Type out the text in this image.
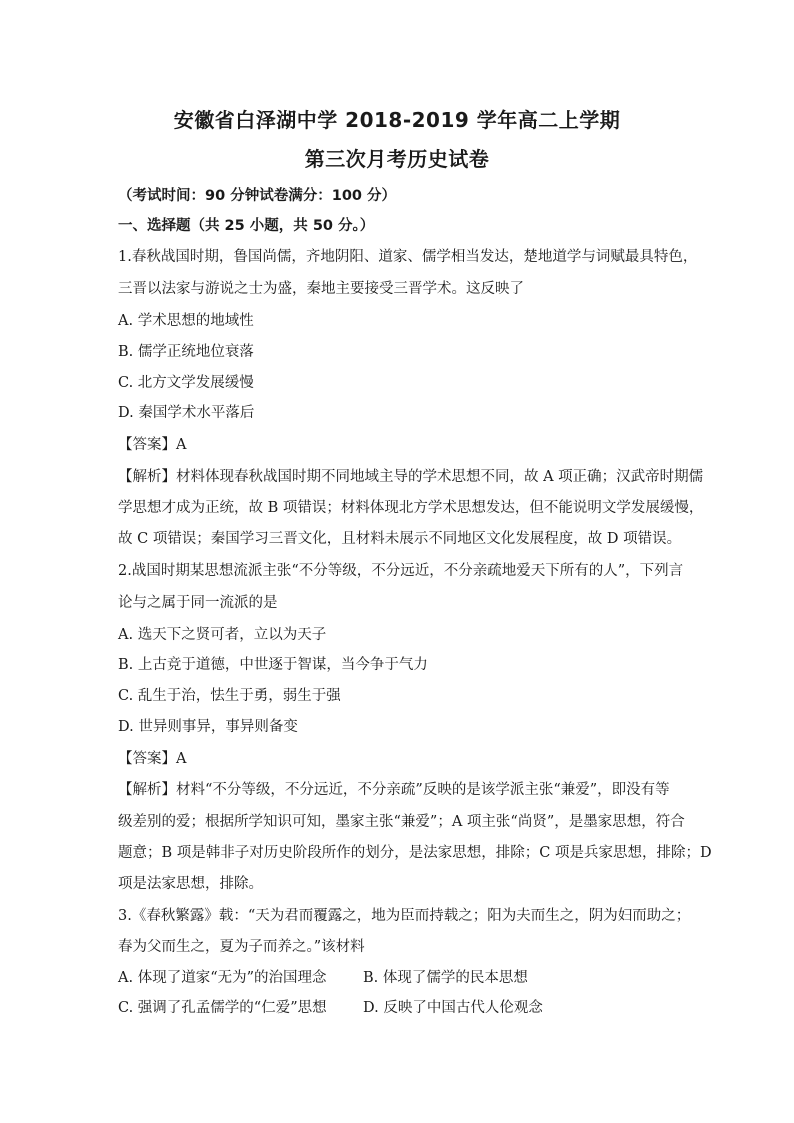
安徽省白泽湖中学 2018-2019 学年高二上学期
第三次月考历史试卷
（考试时间：90 分钟试卷满分：100 分）
一、选择题（共 25 小题，共 50 分。）
1.春秋战国时期，鲁国尚儒，齐地阴阳、道家、儒学相当发达，楚地道学与词赋最具特色，
三晋以法家与游说之士为盛，秦地主要接受三晋学术。这反映了
A. 学术思想的地域性
B. 儒学正统地位衰落
C. 北方文学发展缓慢
D. 秦国学术水平落后
【答案】A
【解析】材料体现春秋战国时期不同地域主导的学术思想不同，故 A 项正确；汉武帝时期儒
学思想才成为正统，故 B 项错误；材料体现北方学术思想发达，但不能说明文学发展缓慢，
故 C 项错误；秦国学习三晋文化，且材料未展示不同地区文化发展程度，故 D 项错误。
2.战国时期某思想流派主张“不分等级，不分远近，不分亲疏地爱天下所有的人”，下列言
论与之属于同一流派的是
A. 选天下之贤可者，立以为天子
B. 上古竞于道德，中世逐于智谋，当今争于气力
C. 乱生于治，怯生于勇，弱生于强
D. 世异则事异，事异则备变
【答案】A
【解析】材料“不分等级，不分远近，不分亲疏”反映的是该学派主张“兼爱”，即没有等
级差别的爱；根据所学知识可知，墨家主张“兼爱”；A 项主张“尚贤”，是墨家思想，符合
题意；B 项是韩非子对历史阶段所作的划分，是法家思想，排除；C 项是兵家思想，排除；D
项是法家思想，排除。
3.《春秋繁露》载：“天为君而覆露之，地为臣而持载之；阳为夫而生之，阴为妇而助之；
春为父而生之，夏为子而养之。”该材料
A. 体现了道家“无为”的治国理念	B. 体现了儒学的民本思想
C. 强调了孔孟儒学的“仁爱”思想	D. 反映了中国古代人伦观念
